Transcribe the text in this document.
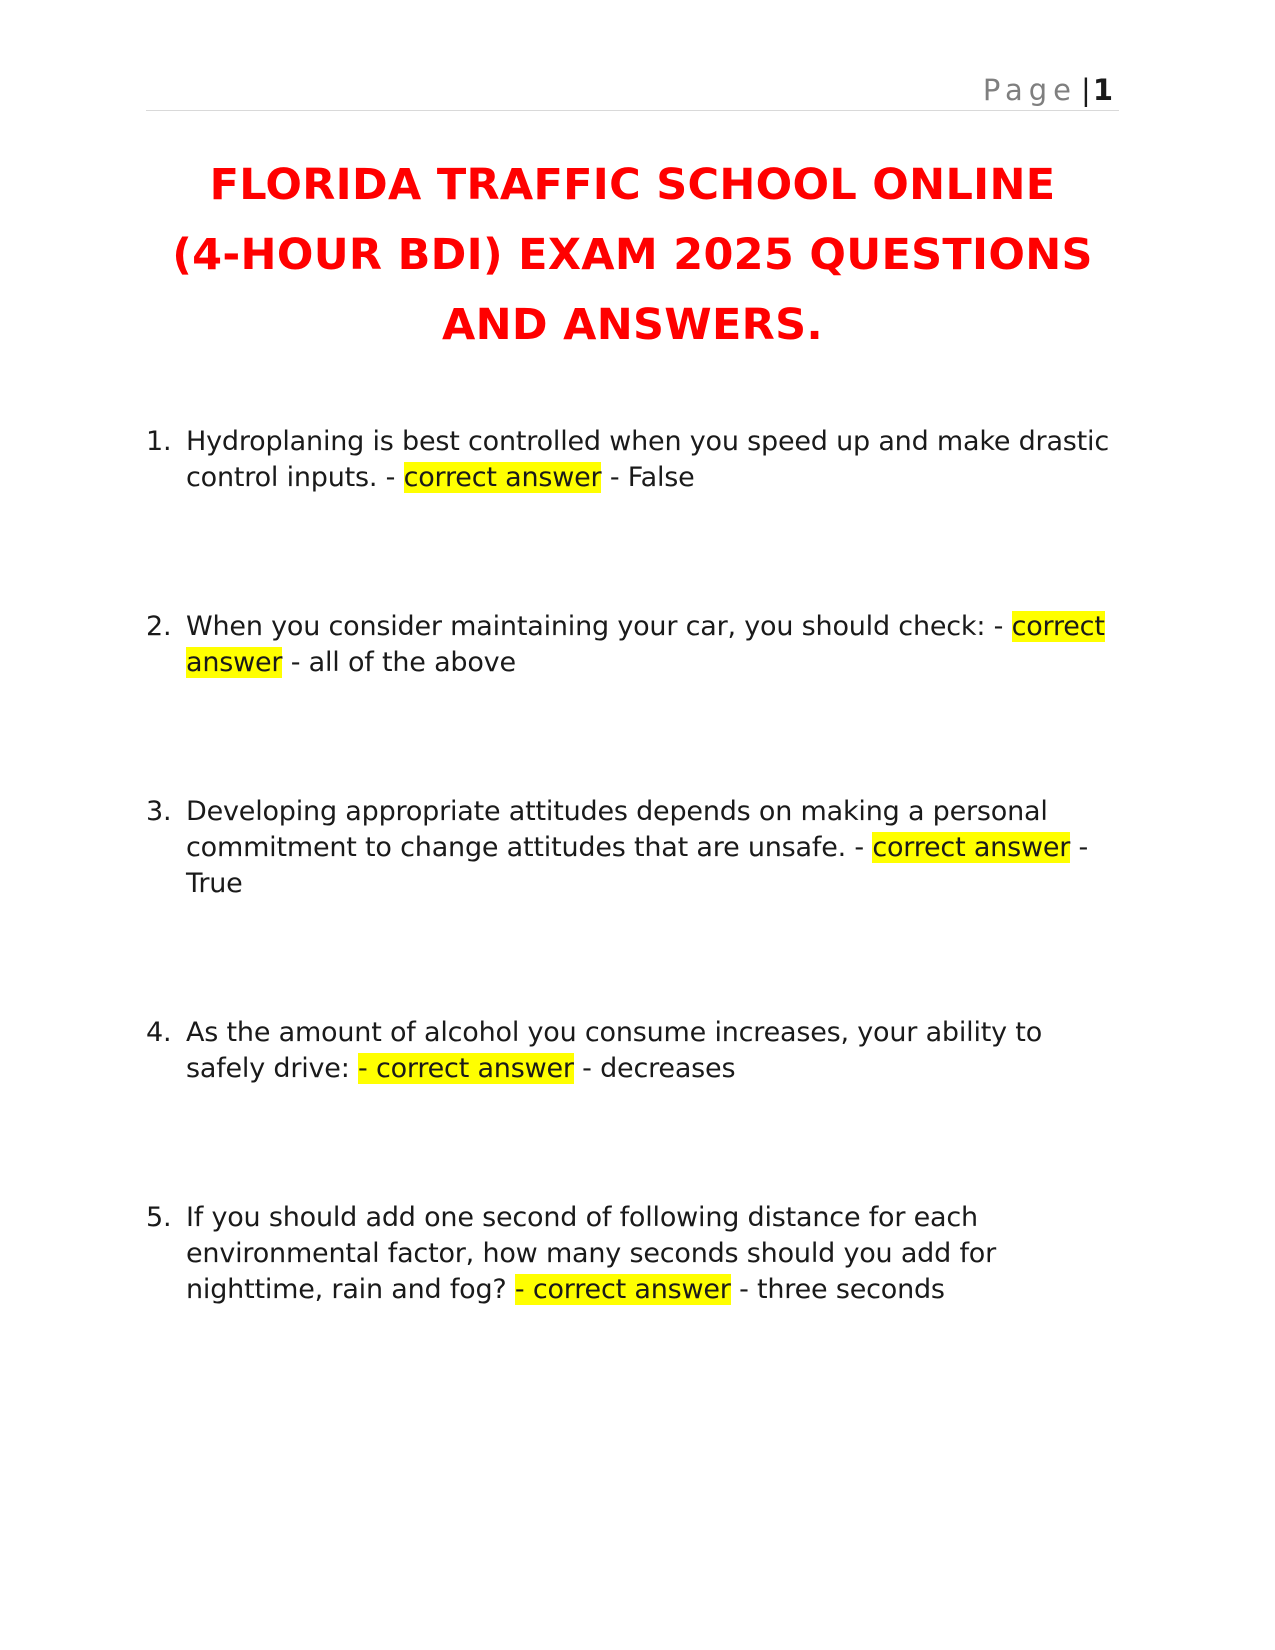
Page |1
FLORIDA TRAFFIC SCHOOL ONLINE
(4-HOUR BDI) EXAM 2025 QUESTIONS
AND ANSWERS.
1. Hydroplaning is best controlled when you speed up and make drastic control inputs. - correct answer - False
2. When you consider maintaining your car, you should check: - correct answer - all of the above
3. Developing appropriate attitudes depends on making a personal commitment to change attitudes that are unsafe. - correct answer - True
4. As the amount of alcohol you consume increases, your ability to safely drive: - correct answer - decreases
5. If you should add one second of following distance for each environmental factor, how many seconds should you add for nighttime, rain and fog? - correct answer - three seconds
